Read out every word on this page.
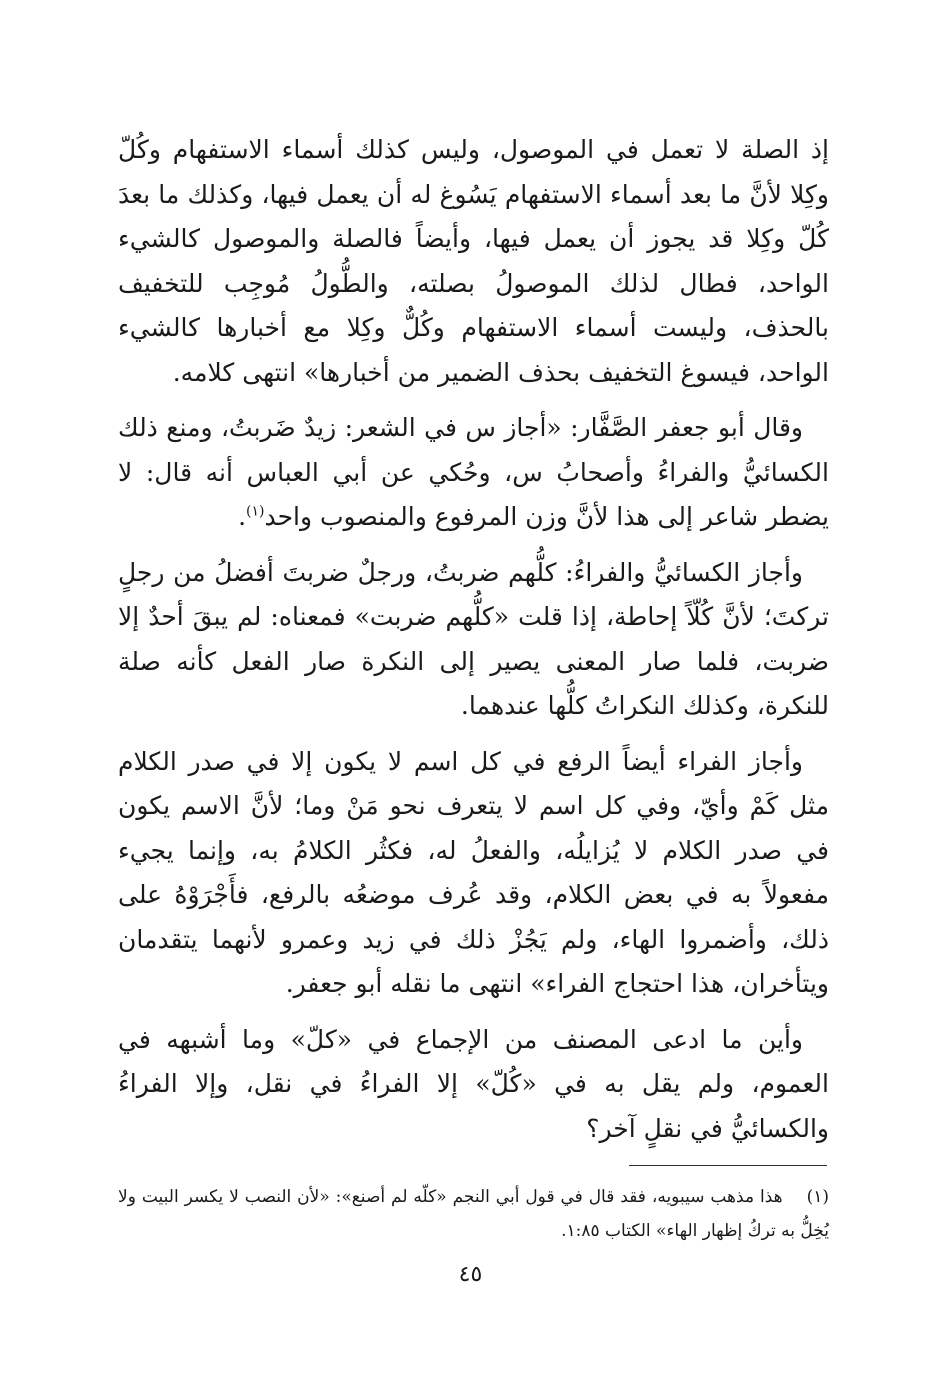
إذ الصلة لا تعمل في الموصول، وليس كذلك أسماء الاستفهام وكُلّ وكِلا لأنَّ ما بعد أسماء الاستفهام يَسُوغ له أن يعمل فيها، وكذلك ما بعدَ كُلّ وكِلا قد يجوز أن يعمل فيها، وأيضاً فالصلة والموصول كالشيء الواحد، فطال لذلك الموصولُ بصلته، والطُّولُ مُوجِب للتخفيف بالحذف، وليست أسماء الاستفهام وكُلٌّ وكِلا مع أخبارها كالشيء الواحد، فيسوغ التخفيف بحذف الضمير من أخبارها» انتهى كلامه.

وقال أبو جعفر الصَّفَّار: «أجاز س في الشعر: زيدٌ ضَربتُ، ومنع ذلك الكسائيُّ والفراءُ وأصحابُ س، وحُكي عن أبي العباس أنه قال: لا يضطر شاعر إلى هذا لأنَّ وزن المرفوع والمنصوب واحد$^{(١)}$.

وأجاز الكسائيُّ والفراءُ: كلُّهم ضربتُ، ورجلٌ ضربتَ أفضلُ من رجلٍ تركتَ؛ لأنَّ كُلّاً إحاطة، إذا قلت «كلُّهم ضربت» فمعناه: لم يبقَ أحدٌ إلا ضربت، فلما صار المعنى يصير إلى النكرة صار الفعل كأنه صلة للنكرة، وكذلك النكراتُ كلُّها عندهما.

وأجاز الفراء أيضاً الرفع في كل اسم لا يكون إلا في صدر الكلام مثل كَمْ وأيّ، وفي كل اسم لا يتعرف نحو مَنْ وما؛ لأنَّ الاسم يكون في صدر الكلام لا يُزايلُه، والفعلُ له، فكثُر الكلامُ به، وإنما يجيء مفعولاً به في بعض الكلام، وقد عُرف موضعُه بالرفع، فأَجْرَوْهُ على ذلك، وأضمروا الهاء، ولم يَجُزْ ذلك في زيد وعمرو لأنهما يتقدمان ويتأخران، هذا احتجاج الفراء» انتهى ما نقله أبو جعفر.

وأين ما ادعى المصنف من الإجماع في «كلّ» وما أشبهه في العموم، ولم يقل به في «كُلّ» إلا الفراءُ في نقل، وإلا الفراءُ والكسائيُّ في نقلٍ آخر؟

(١)هذا مذهب سيبويه، فقد قال في قول أبي النجم «كلّه لم أصنع»: «لأن النصب لا يكسر البيت ولا يُخِلُّ به تركُ إظهار الهاء» الكتاب ١:٨٥.
٤٥
